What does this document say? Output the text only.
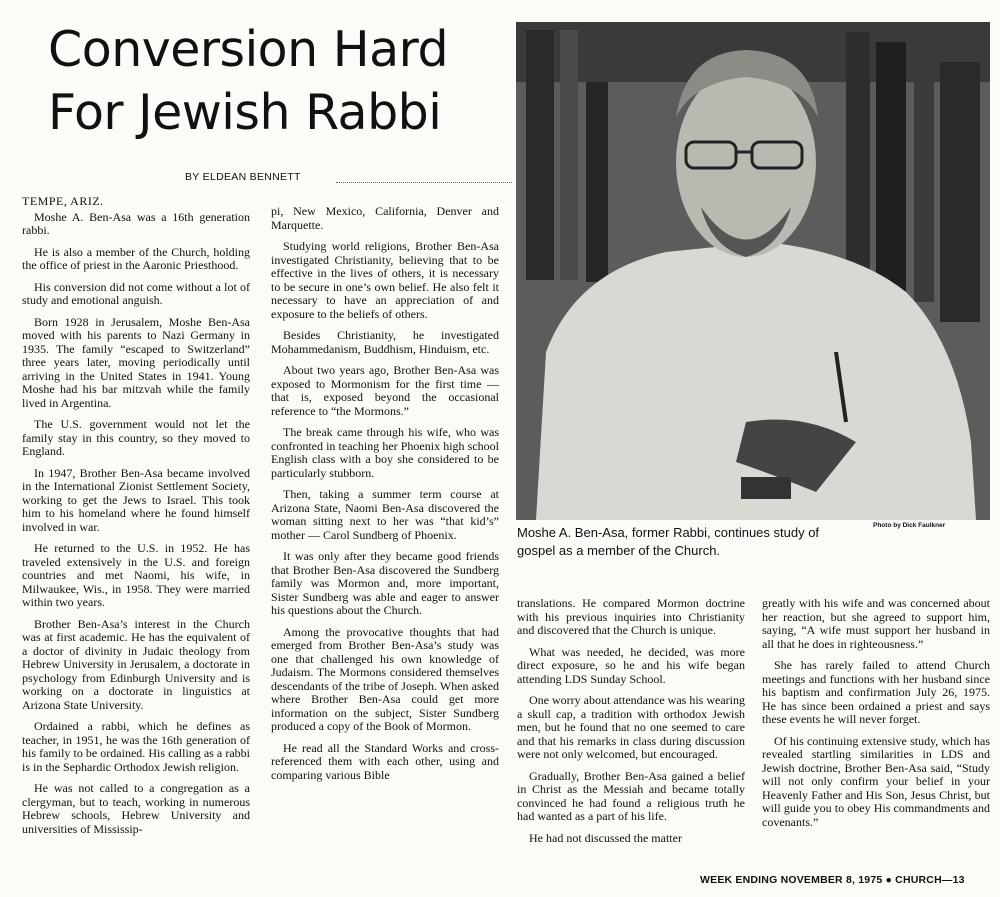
Conversion Hard For Jewish Rabbi
BY ELDEAN BENNETT
Photo by Dick Faulkner
Moshe A. Ben-Asa, former Rabbi, continues study of gospel as a member of the Church.

TEMPE, ARIZ.

Moshe A. Ben-Asa was a 16th generation rabbi.

He is also a member of the Church, holding the office of priest in the Aaronic Priesthood.

His conversion did not come without a lot of study and emotional anguish.

Born 1928 in Jerusalem, Moshe Ben-Asa moved with his parents to Nazi Germany in 1935. The family “escaped to Switzerland” three years later, moving periodically until arriving in the United States in 1941. Young Moshe had his bar mitzvah while the family lived in Argentina.

The U.S. government would not let the family stay in this country, so they moved to England.

In 1947, Brother Ben-Asa became involved in the International Zionist Settlement Society, working to get the Jews to Israel. This took him to his homeland where he found himself involved in war.

He returned to the U.S. in 1952. He has traveled extensively in the U.S. and foreign countries and met Naomi, his wife, in Milwaukee, Wis., in 1958. They were married within two years.

Brother Ben-Asa’s interest in the Church was at first academic. He has the equivalent of a doctor of divinity in Judaic theology from Hebrew University in Jerusalem, a doctorate in psychology from Edinburgh University and is working on a doctorate in linguistics at Arizona State University.

Ordained a rabbi, which he defines as teacher, in 1951, he was the 16th generation of his family to be ordained. His calling as a rabbi is in the Sephardic Orthodox Jewish religion.

He was not called to a congregation as a clergyman, but to teach, working in numerous Hebrew schools, Hebrew University and universities of Mississip-

pi, New Mexico, California, Denver and Marquette.

Studying world religions, Brother Ben-Asa investigated Christianity, believing that to be effective in the lives of others, it is necessary to be secure in one’s own belief. He also felt it necessary to have an appreciation of and exposure to the beliefs of others.

Besides Christianity, he investigated Mohammedanism, Buddhism, Hinduism, etc.

About two years ago, Brother Ben-Asa was exposed to Mormonism for the first time — that is, exposed beyond the occasional reference to “the Mormons.”

The break came through his wife, who was confronted in teaching her Phoenix high school English class with a boy she considered to be particularly stubborn.

Then, taking a summer term course at Arizona State, Naomi Ben-Asa discovered the woman sitting next to her was “that kid’s” mother — Carol Sundberg of Phoenix.

It was only after they became good friends that Brother Ben-Asa discovered the Sundberg family was Mormon and, more important, Sister Sundberg was able and eager to answer his questions about the Church.

Among the provocative thoughts that had emerged from Brother Ben-Asa’s study was one that challenged his own knowledge of Judaism. The Mormons considered themselves descendants of the tribe of Joseph. When asked where Brother Ben-Asa could get more information on the subject, Sister Sundberg produced a copy of the Book of Mormon.

He read all the Standard Works and cross-referenced them with each other, using and comparing various Bible

translations. He compared Mormon doctrine with his previous inquiries into Christianity and discovered that the Church is unique.

What was needed, he decided, was more direct exposure, so he and his wife began attending LDS Sunday School.

One worry about attendance was his wearing a skull cap, a tradition with orthodox Jewish men, but he found that no one seemed to care and that his remarks in class during discussion were not only welcomed, but encouraged.

Gradually, Brother Ben-Asa gained a belief in Christ as the Messiah and became totally convinced he had found a religious truth he had wanted as a part of his life.

He had not discussed the matter

greatly with his wife and was concerned about her reaction, but she agreed to support him, saying, “A wife must support her husband in all that he does in righteousness.”

She has rarely failed to attend Church meetings and functions with her husband since his baptism and confirmation July 26, 1975. He has since been ordained a priest and says these events he will never forget.

Of his continuing extensive study, which has revealed startling similarities in LDS and Jewish doctrine, Brother Ben-Asa said, “Study will not only confirm your belief in your Heavenly Father and His Son, Jesus Christ, but will guide you to obey His commandments and covenants.”

WEEK ENDING NOVEMBER 8, 1975 ● CHURCH—13
